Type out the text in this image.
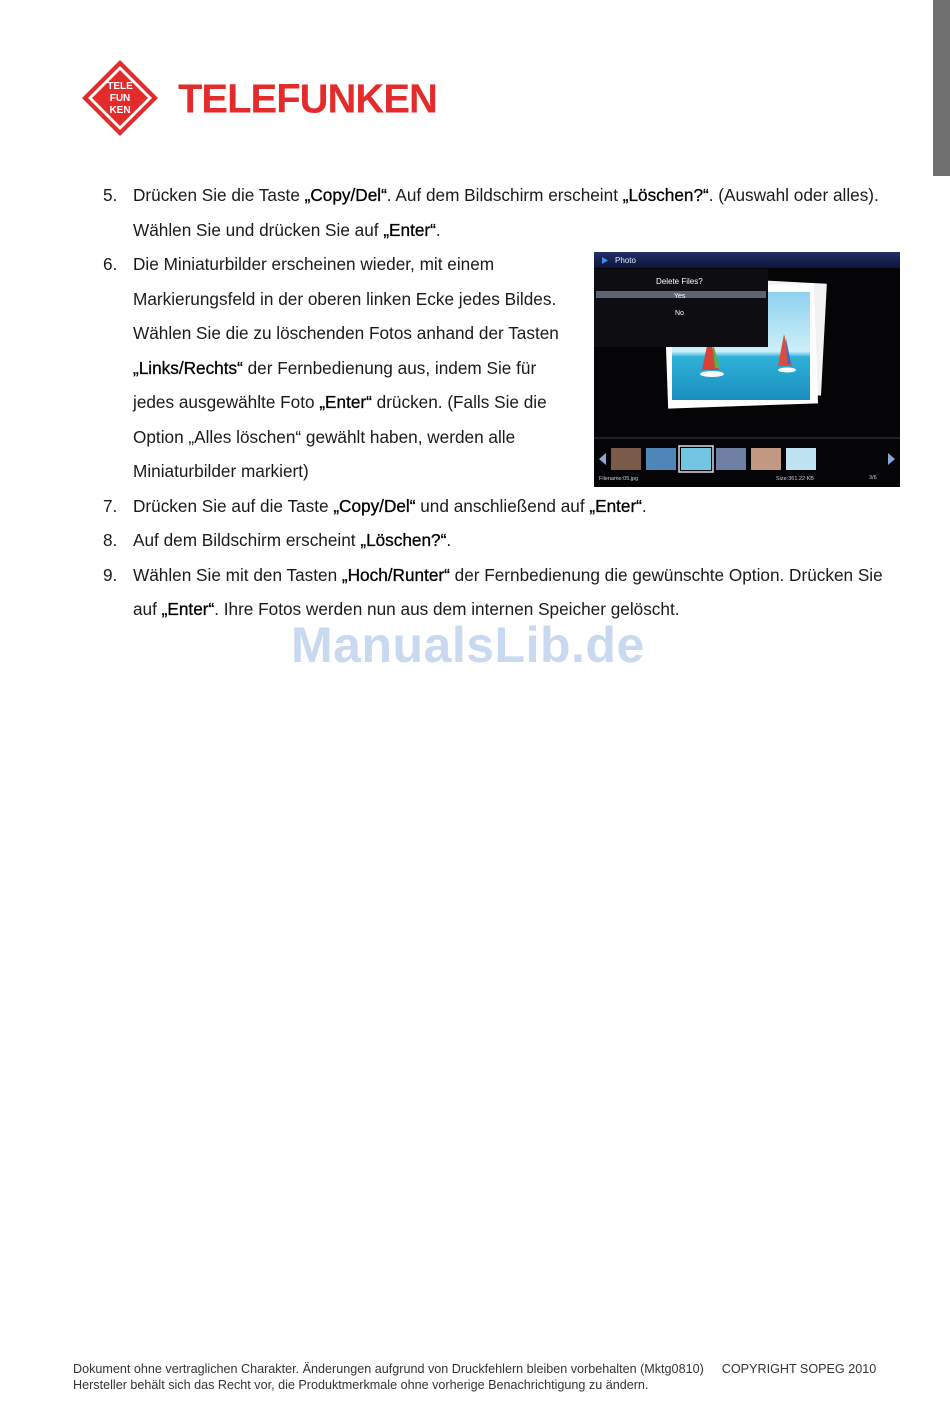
TELE
FUN
KEN TELEFUNKEN
5. Drücken Sie die Taste „Copy/Del“. Auf dem Bildschirm erscheint „Löschen?“. (Auswahl oder alles).
Wählen Sie und drücken Sie auf „Enter“.
6. Die Miniaturbilder erscheinen wieder, mit einem
Markierungsfeld in der oberen linken Ecke jedes Bildes.
Wählen Sie die zu löschenden Fotos anhand der Tasten
„Links/Rechts“ der Fernbedienung aus, indem Sie für
jedes ausgewählte Foto „Enter“ drücken. (Falls Sie die
Option „Alles löschen“ gewählt haben, werden alle
Miniaturbilder markiert)
7. Drücken Sie auf die Taste „Copy/Del“ und anschließend auf „Enter“.
8. Auf dem Bildschirm erscheint „Löschen?“.
9. Wählen Sie mit den Tasten „Hoch/Runter“ der Fernbedienung die gewünschte Option. Drücken Sie
auf „Enter“. Ihre Fotos werden nun aus dem internen Speicher gelöscht.
Photo
Delete Files?
Yes
No
Filename:05.jpg	Size:361.22 KB	3/6
ManualsLib.de
Dokument ohne vertraglichen Charakter. Änderungen aufgrund von Druckfehlern bleiben vorbehalten (Mktg0810) COPYRIGHT SOPEG 2010
Hersteller behält sich das Recht vor, die Produktmerkmale ohne vorherige Benachrichtigung zu ändern.
